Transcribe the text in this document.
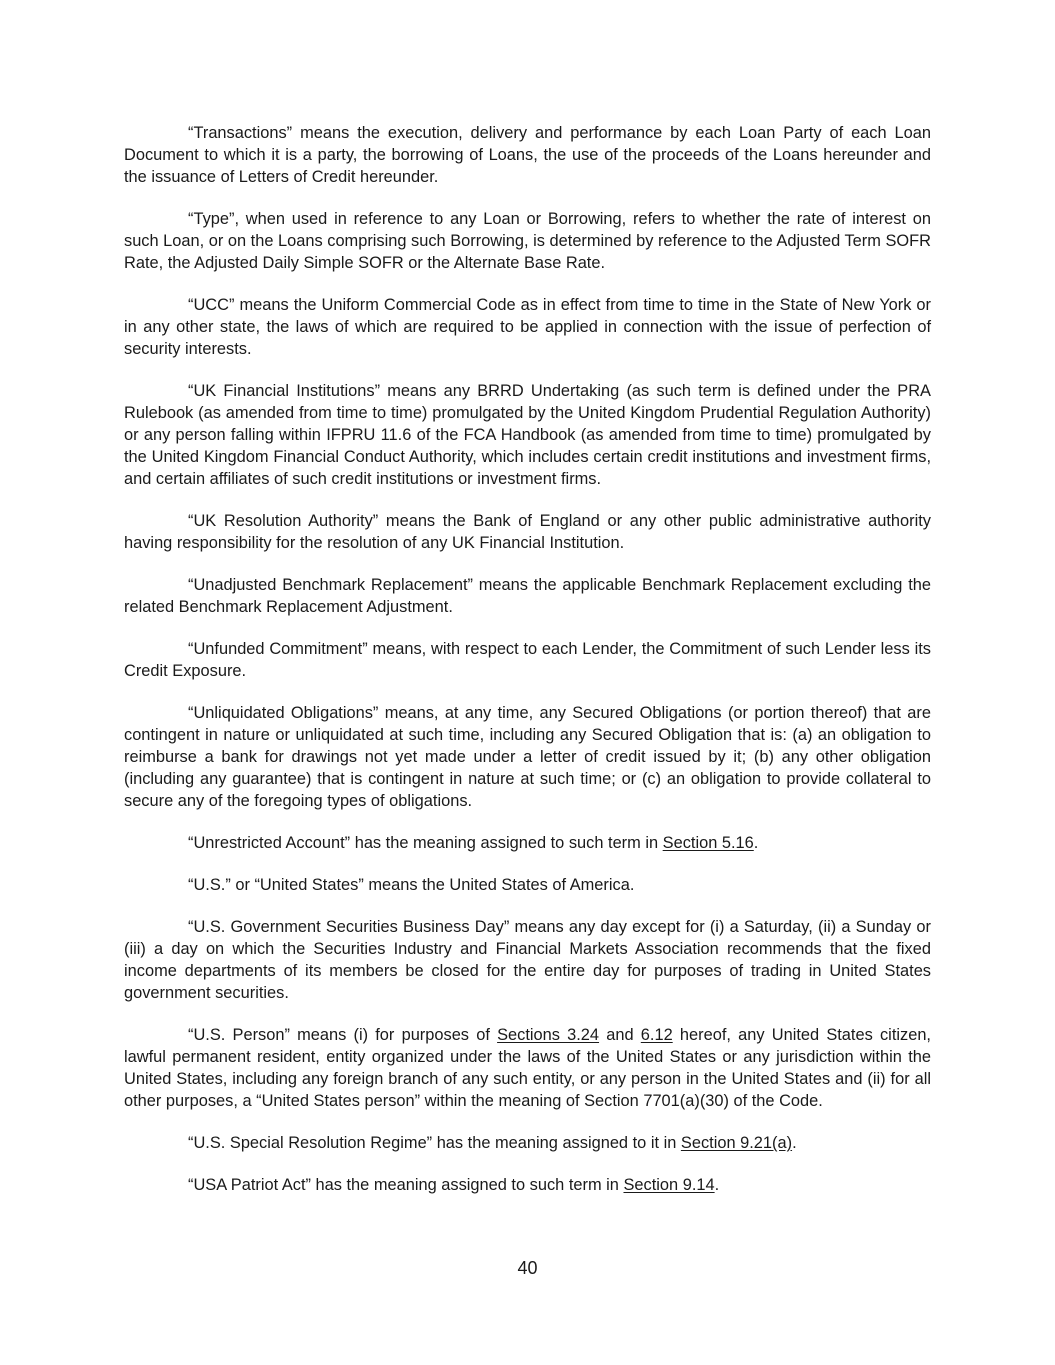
“Transactions” means the execution, delivery and performance by each Loan Party of each Loan Document to which it is a party, the borrowing of Loans, the use of the proceeds of the Loans hereunder and the issuance of Letters of Credit hereunder.

“Type”, when used in reference to any Loan or Borrowing, refers to whether the rate of interest on such Loan, or on the Loans comprising such Borrowing, is determined by reference to the Adjusted Term SOFR Rate, the Adjusted Daily Simple SOFR or the Alternate Base Rate.

“UCC” means the Uniform Commercial Code as in effect from time to time in the State of New York or in any other state, the laws of which are required to be applied in connection with the issue of perfection of security interests.

“UK Financial Institutions” means any BRRD Undertaking (as such term is defined under the PRA Rulebook (as amended from time to time) promulgated by the United Kingdom Prudential Regulation Authority) or any person falling within IFPRU 11.6 of the FCA Handbook (as amended from time to time) promulgated by the United Kingdom Financial Conduct Authority, which includes certain credit institutions and investment firms, and certain affiliates of such credit institutions or investment firms.

“UK Resolution Authority” means the Bank of England or any other public administrative authority having responsibility for the resolution of any UK Financial Institution.

“Unadjusted Benchmark Replacement” means the applicable Benchmark Replacement excluding the related Benchmark Replacement Adjustment.

“Unfunded Commitment” means, with respect to each Lender, the Commitment of such Lender less its Credit Exposure.

“Unliquidated Obligations” means, at any time, any Secured Obligations (or portion thereof) that are contingent in nature or unliquidated at such time, including any Secured Obligation that is: (a) an obligation to reimburse a bank for drawings not yet made under a letter of credit issued by it; (b) any other obligation (including any guarantee) that is contingent in nature at such time; or (c) an obligation to provide collateral to secure any of the foregoing types of obligations.

“Unrestricted Account” has the meaning assigned to such term in Section 5.16.

“U.S.” or “United States” means the United States of America.

“U.S. Government Securities Business Day” means any day except for (i) a Saturday, (ii) a Sunday or (iii) a day on which the Securities Industry and Financial Markets Association recommends that the fixed income departments of its members be closed for the entire day for purposes of trading in United States government securities.

“U.S. Person” means (i) for purposes of Sections 3.24 and 6.12 hereof, any United States citizen, lawful permanent resident, entity organized under the laws of the United States or any jurisdiction within the United States, including any foreign branch of any such entity, or any person in the United States and (ii) for all other purposes, a “United States person” within the meaning of Section 7701(a)(30) of the Code.

“U.S. Special Resolution Regime” has the meaning assigned to it in Section 9.21(a).

“USA Patriot Act” has the meaning assigned to such term in Section 9.14.

40
